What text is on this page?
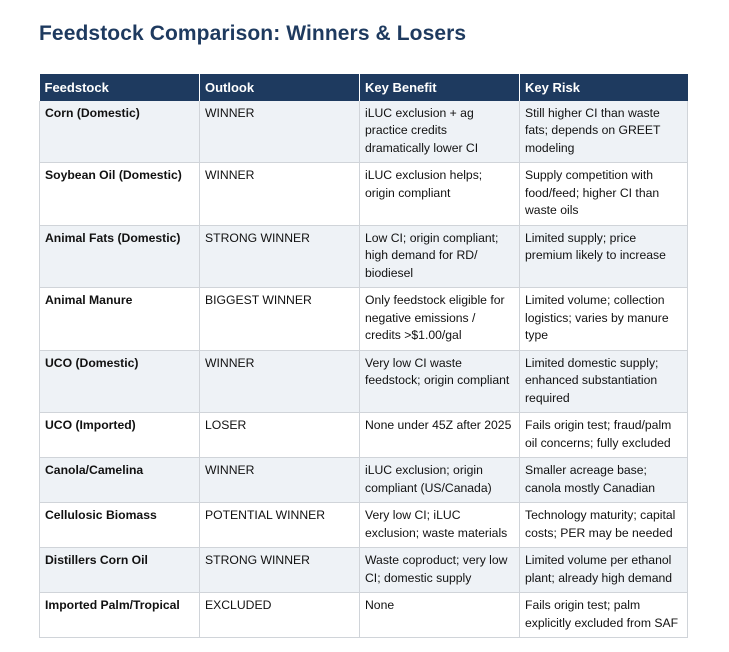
Feedstock Comparison: Winners & Losers
Feedstock	Outlook	Key Benefit	Key Risk
Corn (Domestic)	WINNER	iLUC exclusion + ag practice credits dramatically lower CI	Still higher CI than waste fats; depends on GREET modeling
Soybean Oil (Domestic)	WINNER	iLUC exclusion helps; origin compliant	Supply competition with food/feed; higher CI than waste oils
Animal Fats (Domestic)	STRONG WINNER	Low CI; origin compliant; high demand for RD/ biodiesel	Limited supply; price premium likely to increase
Animal Manure	BIGGEST WINNER	Only feedstock eligible for negative emissions / credits >$1.00/gal	Limited volume; collection logistics; varies by manure type
UCO (Domestic)	WINNER	Very low CI waste feedstock; origin compliant	Limited domestic supply; enhanced substantiation required
UCO (Imported)	LOSER	None under 45Z after 2025	Fails origin test; fraud/palm oil concerns; fully excluded
Canola/Camelina	WINNER	iLUC exclusion; origin compliant (US/Canada)	Smaller acreage base; canola mostly Canadian
Cellulosic Biomass	POTENTIAL WINNER	Very low CI; iLUC exclusion; waste materials	Technology maturity; capital costs; PER may be needed
Distillers Corn Oil	STRONG WINNER	Waste coproduct; very low CI; domestic supply	Limited volume per ethanol plant; already high demand
Imported Palm/Tropical	EXCLUDED	None	Fails origin test; palm explicitly excluded from SAF
